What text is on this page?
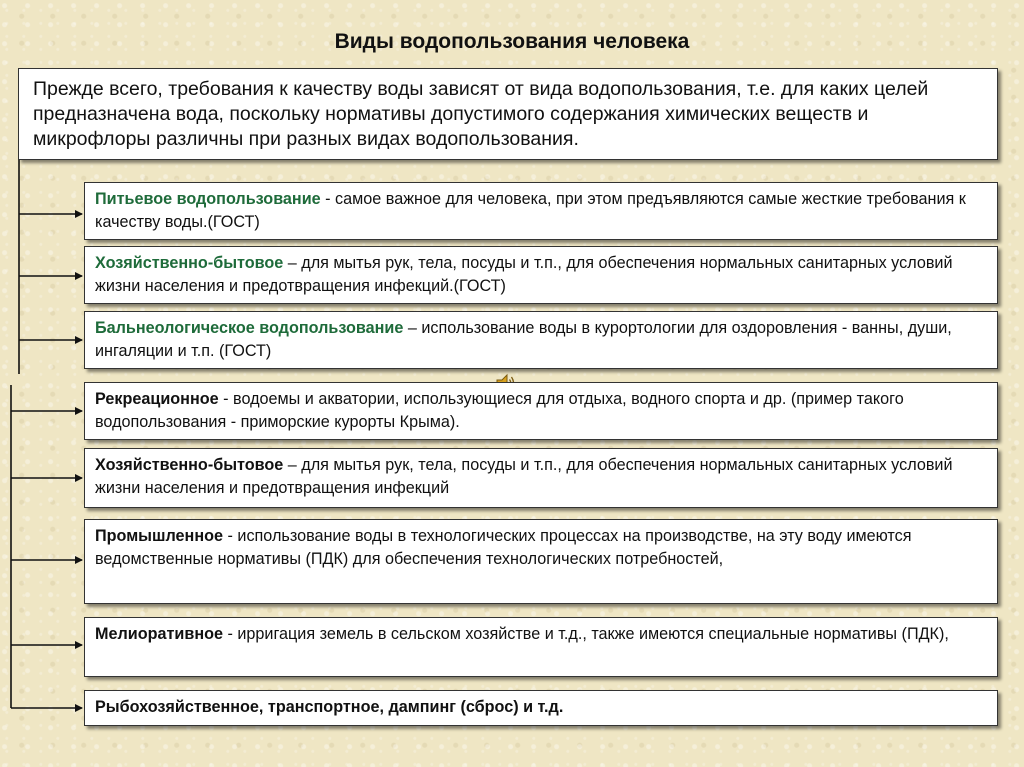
Виды водопользования человека
Прежде всего, требования к качеству воды зависят от вида водопользования, т.е. для каких целей предназначена вода, поскольку нормативы допустимого содержания химических веществ и микрофлоры различны при разных видах водопользования.
Питьевое водопользование - самое важное для человека, при этом предъявляются самые жесткие требования к качеству воды.(ГОСТ)
Хозяйственно-бытовое – для мытья рук, тела, посуды и т.п., для обеспечения нормальных санитарных условий жизни населения и предотвращения инфекций.(ГОСТ)
Бальнеологическое водопользование – использование воды в курортологии для оздоровления - ванны, души, ингаляции и т.п. (ГОСТ)
Рекреационное - водоемы и акватории, использующиеся для отдыха, водного спорта и др. (пример такого водопользования - приморские курорты Крыма).
Хозяйственно-бытовое – для мытья рук, тела, посуды и т.п., для обеспечения нормальных санитарных условий жизни населения и предотвращения инфекций
Промышленное - использование воды в технологических процессах на производстве, на эту воду имеются ведомственные нормативы (ПДК) для обеспечения технологических потребностей,
Мелиоративное - ирригация земель в сельском хозяйстве и т.д., также имеются специальные нормативы (ПДК),
Рыбохозяйственное, транспортное, дампинг (сброс) и т.д.
